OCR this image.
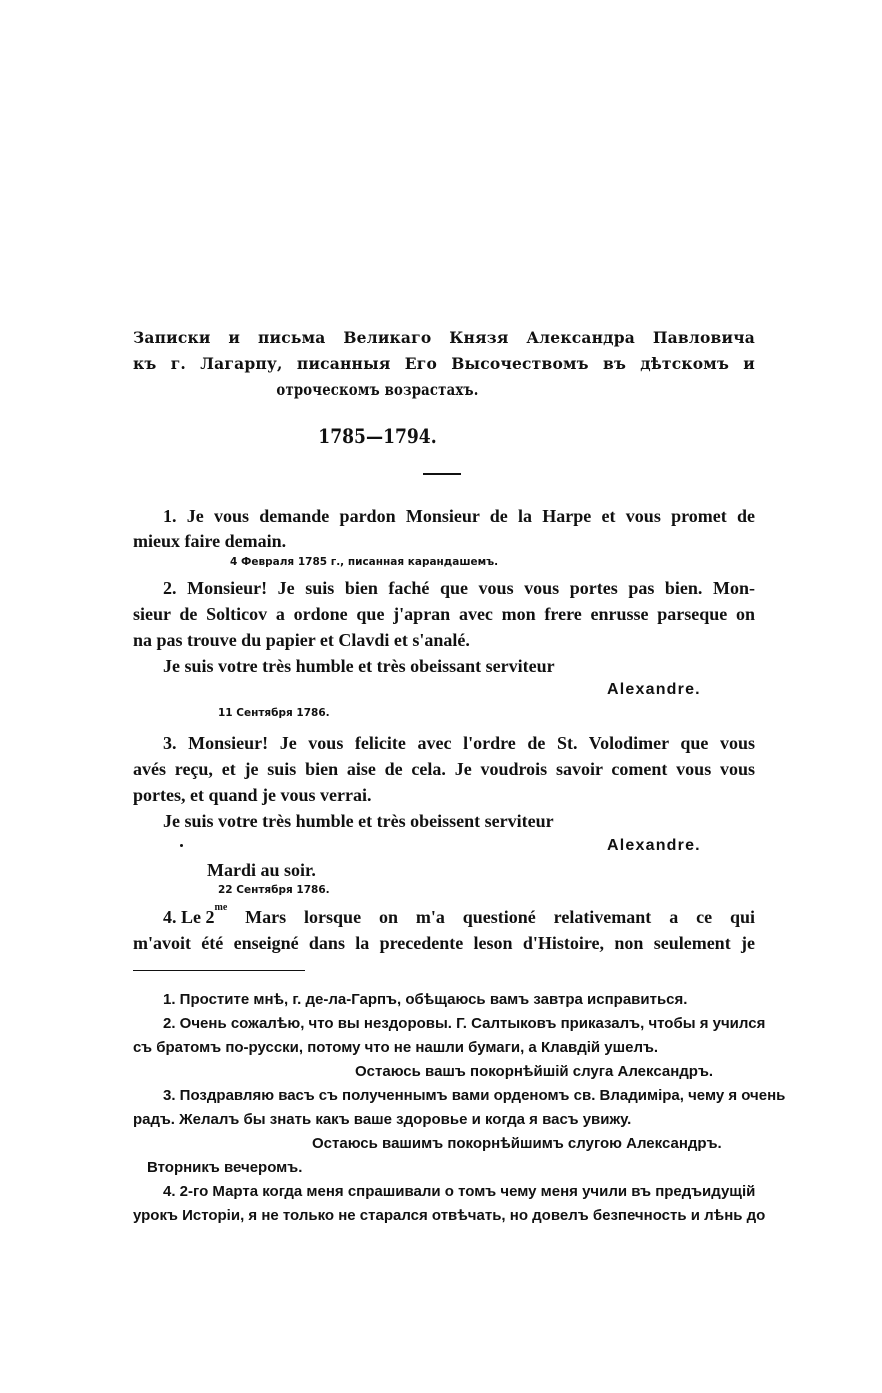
Записки и письма Великаго Князя Александра Павловича
къ г. Лагарпу, писанныя Его Высочествомъ въ дѣтскомъ и
отроческомъ возрастахъ.
1785—1794.
1. Je vous demande pardon Monsieur de la Harpe et vous promet de
mieux faire demain.
4 Февраля 1785 г., писанная карандашемъ.
2. Monsieur! Je suis bien faché que vous vous portes pas bien. Mon-
sieur de Solticov a ordone que j'apran avec mon frere enrusse parseque on
na pas trouve du papier et Clavdi et s'analé.
Je suis votre très humble et très obeissant serviteur
Alexandre.
11 Сентября 1786.
3. Monsieur! Je vous felicite avec l'ordre de St. Volodimer que vous
avés reçu, et je suis bien aise de cela. Je voudrois savoir coment vous vous
portes, et quand je vous verrai.
Je suis votre très humble et très obeissent serviteur
Alexandre.
Mardi au soir.
22 Сентября 1786.
4. Le 2 me Mars lorsque on m'a questioné relativemant a ce qui
m'avoit été enseigné dans la precedente leson d'Histoire, non seulement je
1. Простите мнѣ, г. де-ла-Гарпъ, обѣщаюсь вамъ завтра исправиться.
2. Очень сожалѣю, что вы нездоровы. Г. Салтыковъ приказалъ, чтобы я учился
съ братомъ по-русски, потому что не нашли бумаги, а Клавдій ушелъ.
Остаюсь вашъ покорнѣйшій слуга Александръ.
3. Поздравляю васъ съ полученнымъ вами орденомъ св. Владиміра, чему я очень
радъ. Желалъ бы знать какъ ваше здоровье и когда я васъ увижу.
Остаюсь вашимъ покорнѣйшимъ слугою Александръ.
Вторникъ вечеромъ.
4. 2-го Марта когда меня спрашивали о томъ чему меня учили въ предъидущій
урокъ Исторіи, я не только не старался отвѣчать, но довелъ безпечность и лѣнь до
